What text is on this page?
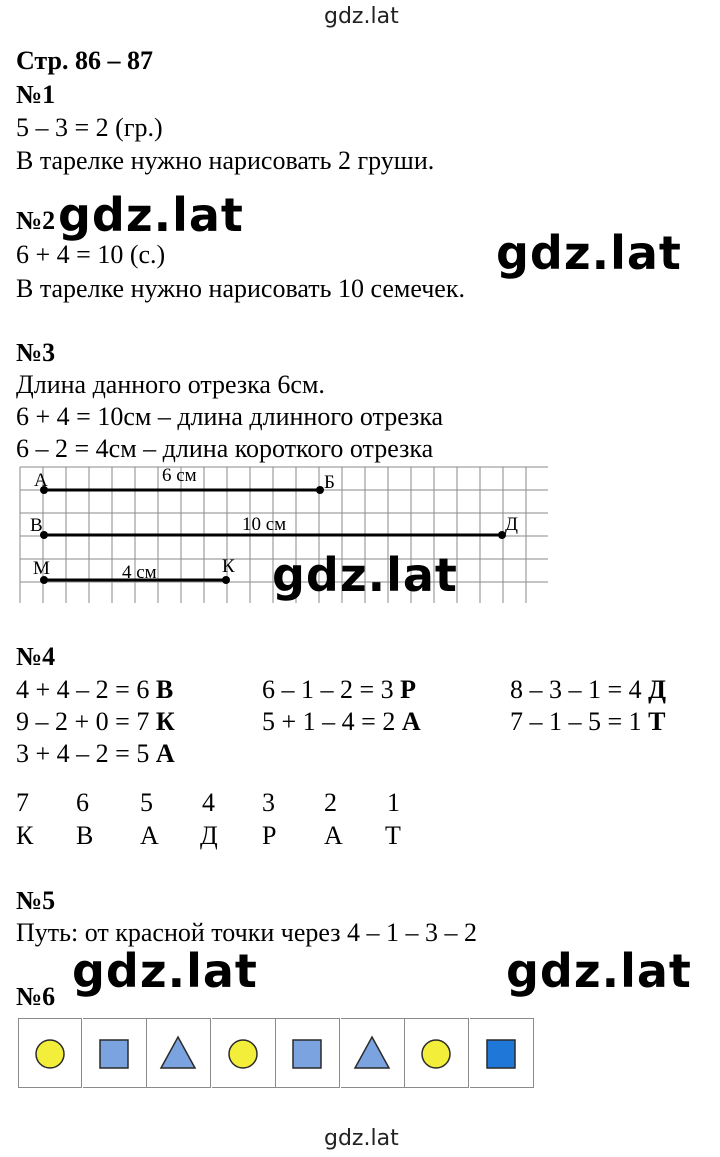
gdz.lat
Стр. 86 – 87
№1
5 – 3 = 2 (гр.)
В тарелке нужно нарисовать 2 груши.
№2
6 + 4 = 10 (с.)
В тарелке нужно нарисовать 10 семечек.
gdz.lat
gdz.lat
№3
Длина данного отрезка 6см.
6 + 4 = 10см – длина длинного отрезка
6 – 2 = 4см – длина короткого отрезка
А	Б
6 см
В	Д
10 см
М	К
4 см	gdz.lat
№4
4 + 4 – 2 = 6 В	6 – 1 – 2 = 3 Р	8 – 3 – 1 = 4 Д
9 – 2 + 0 = 7 К	5 + 1 – 4 = 2 А	7 – 1 – 5 = 1 Т
3 + 4 – 2 = 5 А
7 6 5 4 3 2 1
К В А Д Р А Т
№5
Путь: от красной точки через 4 – 1 – 3 – 2
№6 gdz.lat	gdz.lat
gdz.lat
